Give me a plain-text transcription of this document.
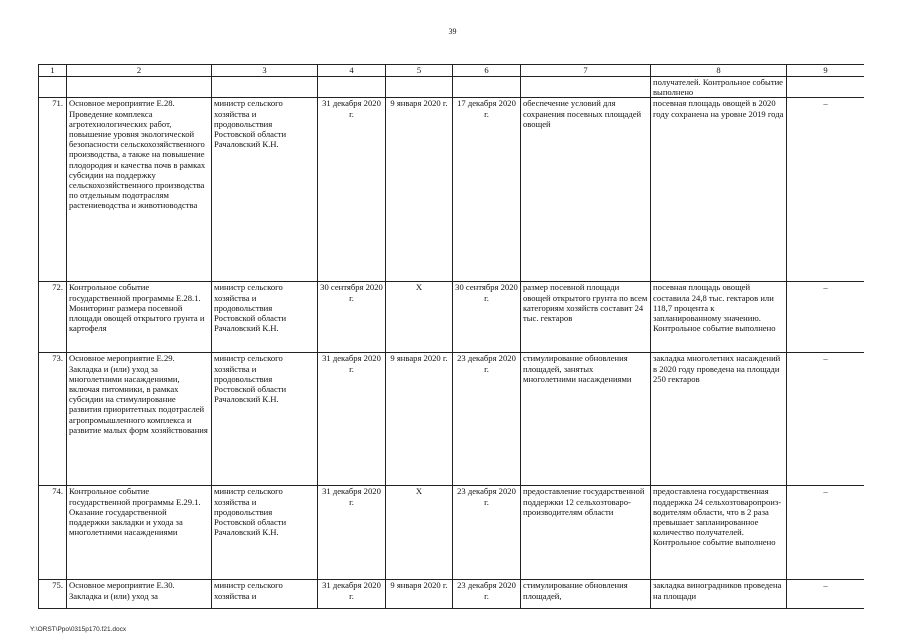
39
1	2	3	4	5	6	7	8	9
							получателей. Контрольное событие выполнено	
71.	Основное мероприятие Е.28. Проведение комплекса агротехнологических работ, повышение уровня экологической безопасности сельскохозяйственного производства, а также на повышение плодородия и качества почв в рамках субсидии на поддержку сельскохозяйственного производства по отдельным подотраслям растениеводства и животноводства	министр сельского хозяйства и продовольствия Ростовской области Рачаловский К.Н.	31 декабря 2020 г.	9 января 2020 г.	17 декабря 2020 г.	обеспечение условий для сохранения посевных площадей овощей	посевная площадь овощей в 2020 году сохранена на уровне 2019 года	–
72.	Контрольное событие государственной программы Е.28.1. Мониторинг размера посевной площади овощей открытого грунта и картофеля	министр сельского хозяйства и продовольствия Ростовской области Рачаловский К.Н.	30 сентября 2020 г.	Х	30 сентября 2020 г.	размер посевной площади овощей открытого грунта по всем категориям хозяйств составит 24 тыс. гектаров	посевная площадь овощей составила 24,8 тыс. гектаров или 118,7 процента к запланированному значению. Контрольное событие выполнено	–
73.	Основное мероприятие Е.29. Закладка и (или) уход за многолетними насаждениями, включая питомники, в рамках субсидии на стимулирование развития приоритетных подотраслей агропромышленного комплекса и развитие малых форм хозяйствования	министр сельского хозяйства и продовольствия Ростовской области Рачаловский К.Н.	31 декабря 2020 г.	9 января 2020 г.	23 декабря 2020 г.	стимулирование обновления площадей, занятых многолетними насаждениями	закладка многолетних насаждений в 2020 году проведена на площади 250 гектаров	–
74.	Контрольное событие государственной программы Е.29.1. Оказание государственной поддержки закладки и ухода за многолетними насаждениями	министр сельского хозяйства и продовольствия Ростовской области Рачаловский К.Н.	31 декабря 2020 г.	Х	23 декабря 2020 г.	предоставление государственной поддержки 12 сельхозтоваро-производителям области	предоставлена государственная поддержка 24 сельхозтоваропроиз-водителям области, что в 2 раза превышает запланированное количество получателей. Контрольное событие выполнено	–
75.	Основное мероприятие Е.30. Закладка и (или) уход за	министр сельского хозяйства и	31 декабря 2020 г.	9 января 2020 г.	23 декабря 2020 г.	стимулирование обновления площадей,	закладка виноградников проведена на площади	–
Y:\ORST\Ppo\0315p170.f21.docx
